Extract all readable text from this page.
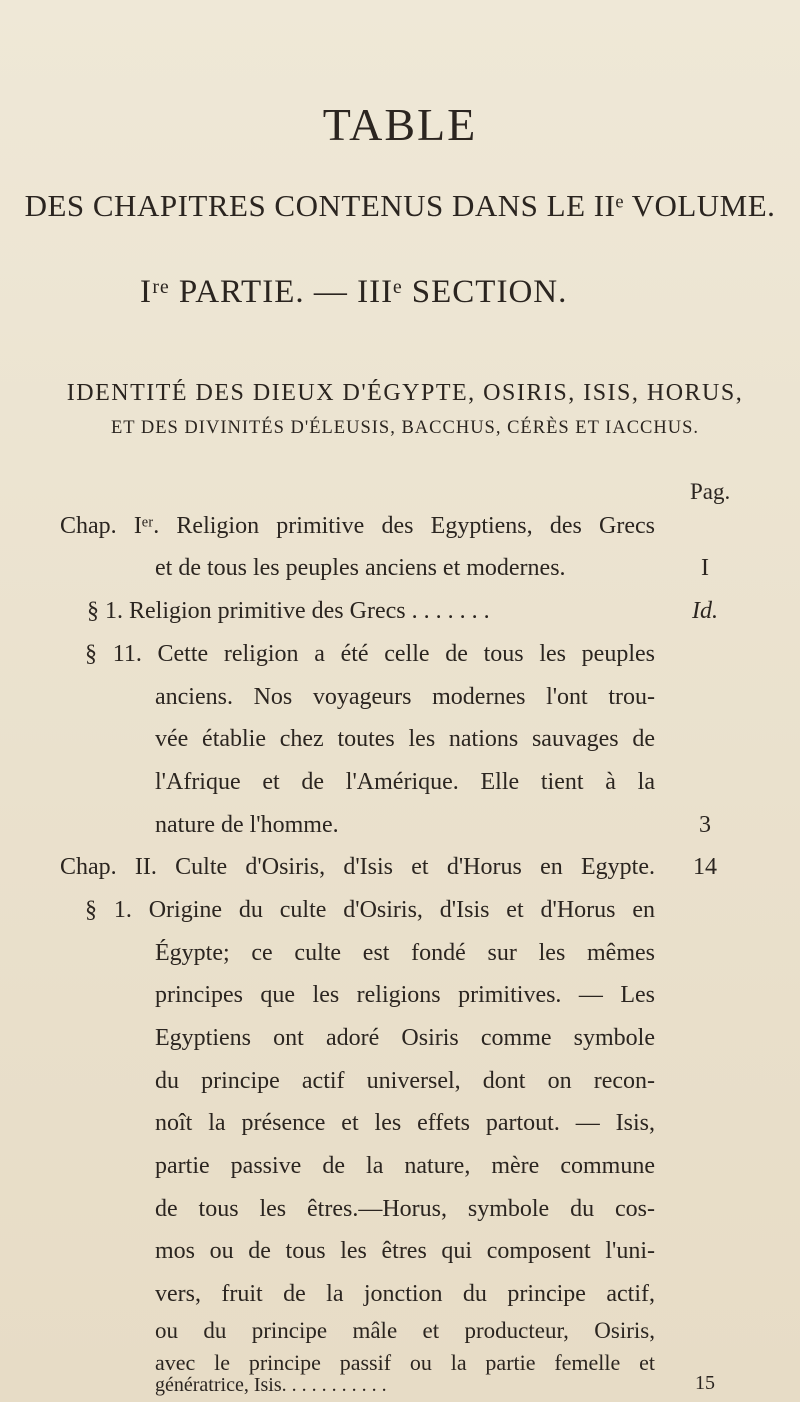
TABLE
DES CHAPITRES CONTENUS DANS LE IIᵉ VOLUME.
Iʳᵉ PARTIE. — IIIᵉ SECTION.
IDENTITÉ DES DIEUX D'ÉGYPTE, OSIRIS, ISIS, HORUS,
ET DES DIVINITÉS D'ÉLEUSIS, BACCHUS, CÉRÈS ET IACCHUS.
Pag.
Chap. Iᵉʳ. Religion primitive des Egyptiens, des Grecs
et de tous les peuples anciens et modernes.
§ 1. Religion primitive des Grecs . . . . . . .
§ 11. Cette religion a été celle de tous les peuples
anciens. Nos voyageurs modernes l'ont trou-
vée établie chez toutes les nations sauvages de
l'Afrique et de l'Amérique. Elle tient à la
nature de l'homme.
Chap. II. Culte d'Osiris, d'Isis et d'Horus en Egypte.
§ 1. Origine du culte d'Osiris, d'Isis et d'Horus en
Égypte; ce culte est fondé sur les mêmes
principes que les religions primitives. — Les
Egyptiens ont adoré Osiris comme symbole
du principe actif universel, dont on recon-
noît la présence et les effets partout. — Isis,
partie passive de la nature, mère commune
de tous les êtres.—Horus, symbole du cos-
mos ou de tous les êtres qui composent l'uni-
vers, fruit de la jonction du principe actif,
ou du principe mâle et producteur, Osiris,
avec le principe passif ou la partie femelle et
génératrice, Isis. . . . . . . . . . .
I
Id.
3
14
15
